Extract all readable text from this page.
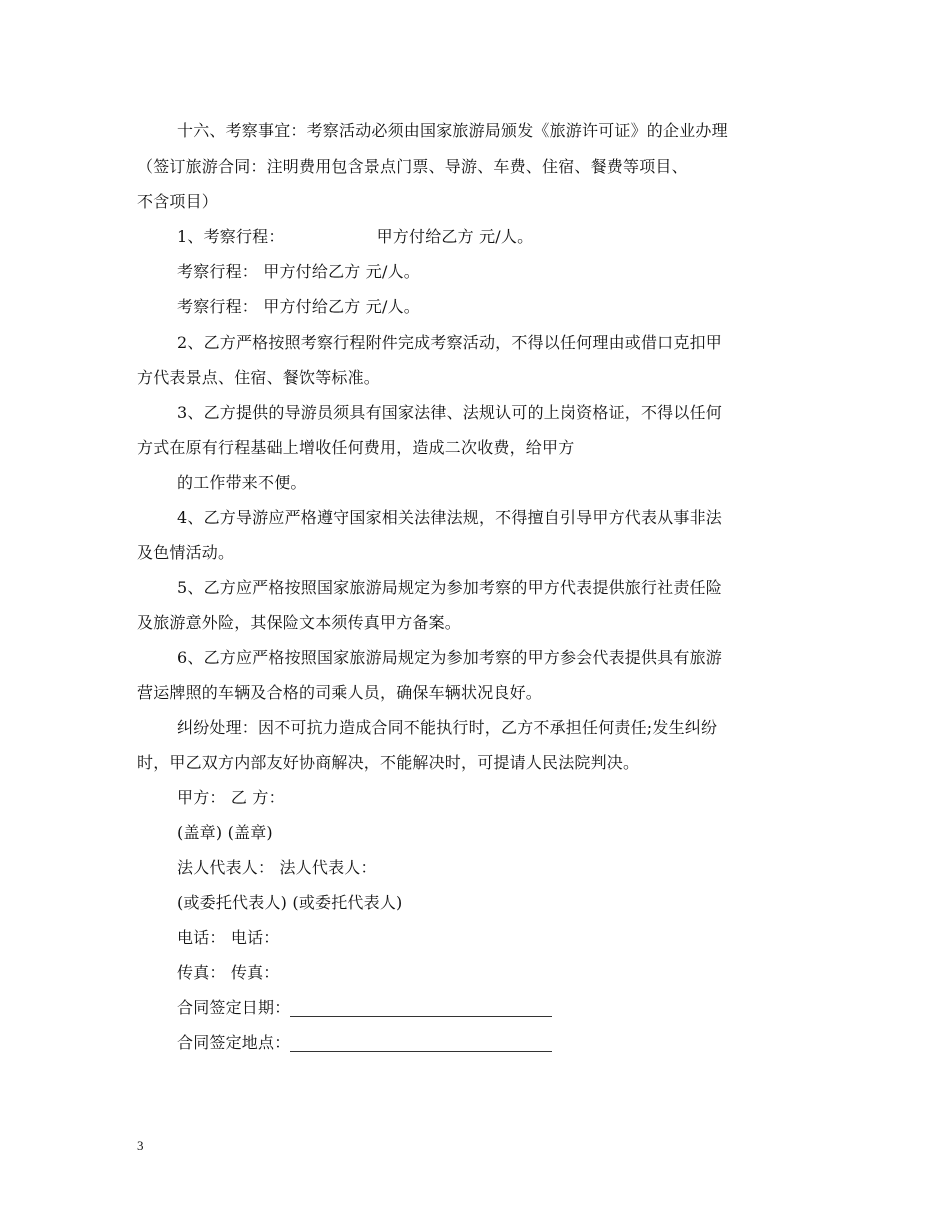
十六、考察事宜：考察活动必须由国家旅游局颁发《旅游许可证》的企业办理
（签订旅游合同：注明费用包含景点门票、导游、车费、住宿、餐费等项目、
不含项目）
1、考察行程：	甲方付给乙方 元/人。
考察行程： 甲方付给乙方 元/人。
考察行程： 甲方付给乙方 元/人。
2、乙方严格按照考察行程附件完成考察活动，不得以任何理由或借口克扣甲
方代表景点、住宿、餐饮等标准。
3、乙方提供的导游员须具有国家法律、法规认可的上岗资格证，不得以任何
方式在原有行程基础上增收任何费用，造成二次收费，给甲方
的工作带来不便。
4、乙方导游应严格遵守国家相关法律法规，不得擅自引导甲方代表从事非法
及色情活动。
5、乙方应严格按照国家旅游局规定为参加考察的甲方代表提供旅行社责任险
及旅游意外险，其保险文本须传真甲方备案。
6、乙方应严格按照国家旅游局规定为参加考察的甲方参会代表提供具有旅游
营运牌照的车辆及合格的司乘人员，确保车辆状况良好。
纠纷处理：因不可抗力造成合同不能执行时，乙方不承担任何责任;发生纠纷
时，甲乙双方内部友好协商解决，不能解决时，可提请人民法院判决。
甲方： 乙 方：
(盖章) (盖章)
法人代表人： 法人代表人：
(或委托代表人) (或委托代表人)
电话： 电话：
传真： 传真：
合同签定日期：
合同签定地点：
3
